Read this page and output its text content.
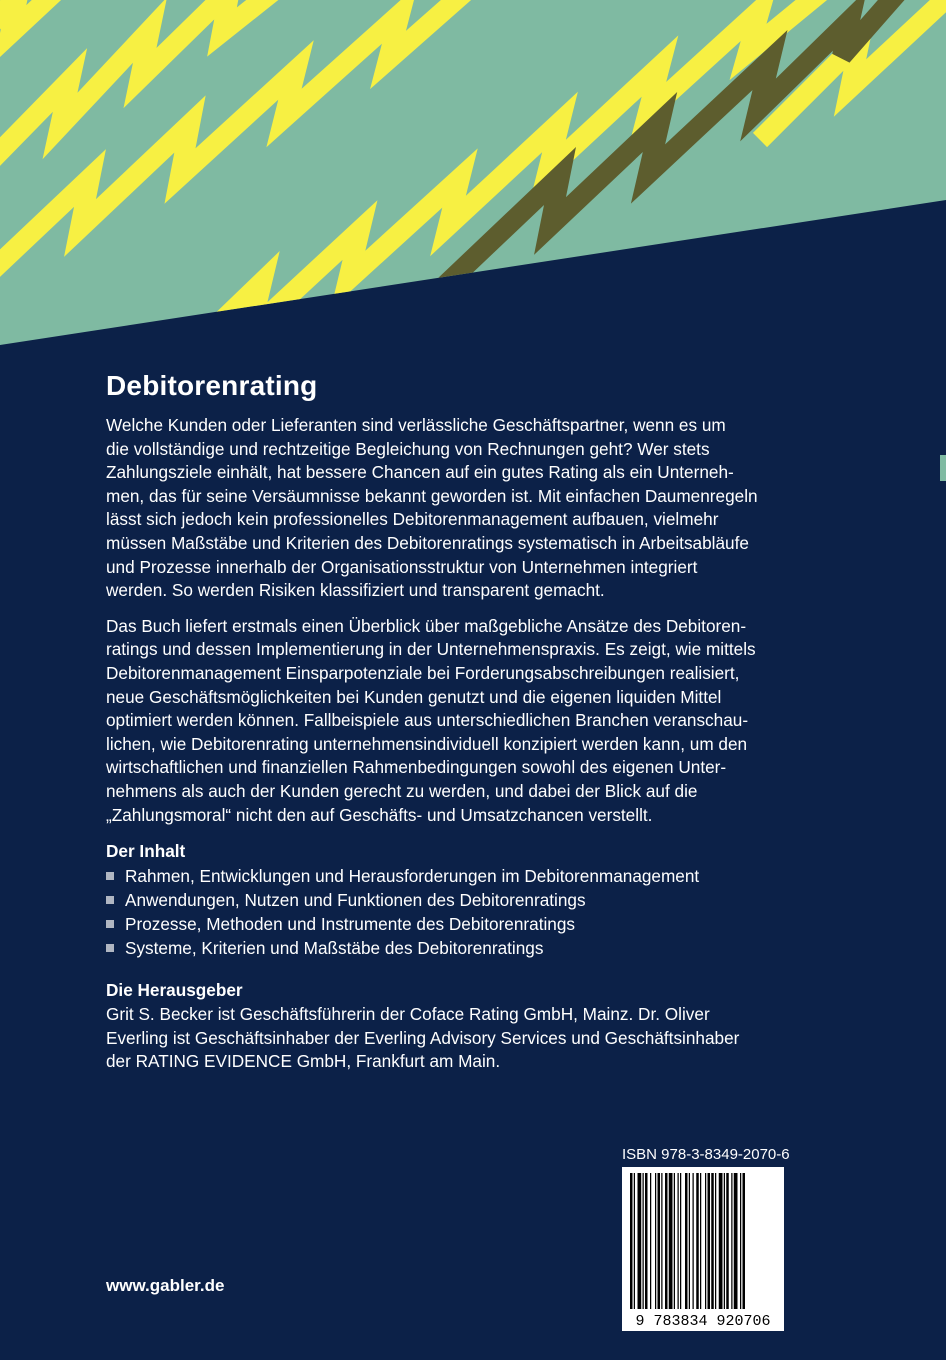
Debitorenrating

Welche Kunden oder Lieferanten sind verlässliche Geschäftspartner, wenn es um
die vollständige und rechtzeitige Begleichung von Rechnungen geht? Wer stets
Zahlungsziele einhält, hat bessere Chancen auf ein gutes Rating als ein Unterneh-
men, das für seine Versäumnisse bekannt geworden ist. Mit einfachen Daumenregeln
lässt sich jedoch kein professionelles Debitorenmanagement aufbauen, vielmehr
müssen Maßstäbe und Kriterien des Debitorenratings systematisch in Arbeitsabläufe
und Prozesse innerhalb der Organisationsstruktur von Unternehmen integriert
werden. So werden Risiken klassifiziert und transparent gemacht.

Das Buch liefert erstmals einen Überblick über maßgebliche Ansätze des Debitoren-
ratings und dessen Implementierung in der Unternehmenspraxis. Es zeigt, wie mittels
Debitorenmanagement Einsparpotenziale bei Forderungsabschreibungen realisiert,
neue Geschäftsmöglichkeiten bei Kunden genutzt und die eigenen liquiden Mittel
optimiert werden können. Fallbeispiele aus unterschiedlichen Branchen veranschau-
lichen, wie Debitorenrating unternehmensindividuell konzipiert werden kann, um den
wirtschaftlichen und finanziellen Rahmenbedingungen sowohl des eigenen Unter-
nehmens als auch der Kunden gerecht zu werden, und dabei der Blick auf die
„Zahlungsmoral“ nicht den auf Geschäfts- und Umsatzchancen verstellt.

Der Inhalt
Rahmen, Entwicklungen und Herausforderungen im Debitorenmanagement
Anwendungen, Nutzen und Funktionen des Debitorenratings
Prozesse, Methoden und Instrumente des Debitorenratings
Systeme, Kriterien und Maßstäbe des Debitorenratings
Die Herausgeber
Grit S. Becker ist Geschäftsführerin der Coface Rating GmbH, Mainz. Dr. Oliver
Everling ist Geschäftsinhaber der Everling Advisory Services und Geschäftsinhaber
der RATING EVIDENCE GmbH, Frankfurt am Main.
ISBN 978-3-8349-2070-6
9 783834 920706
www.gabler.de
